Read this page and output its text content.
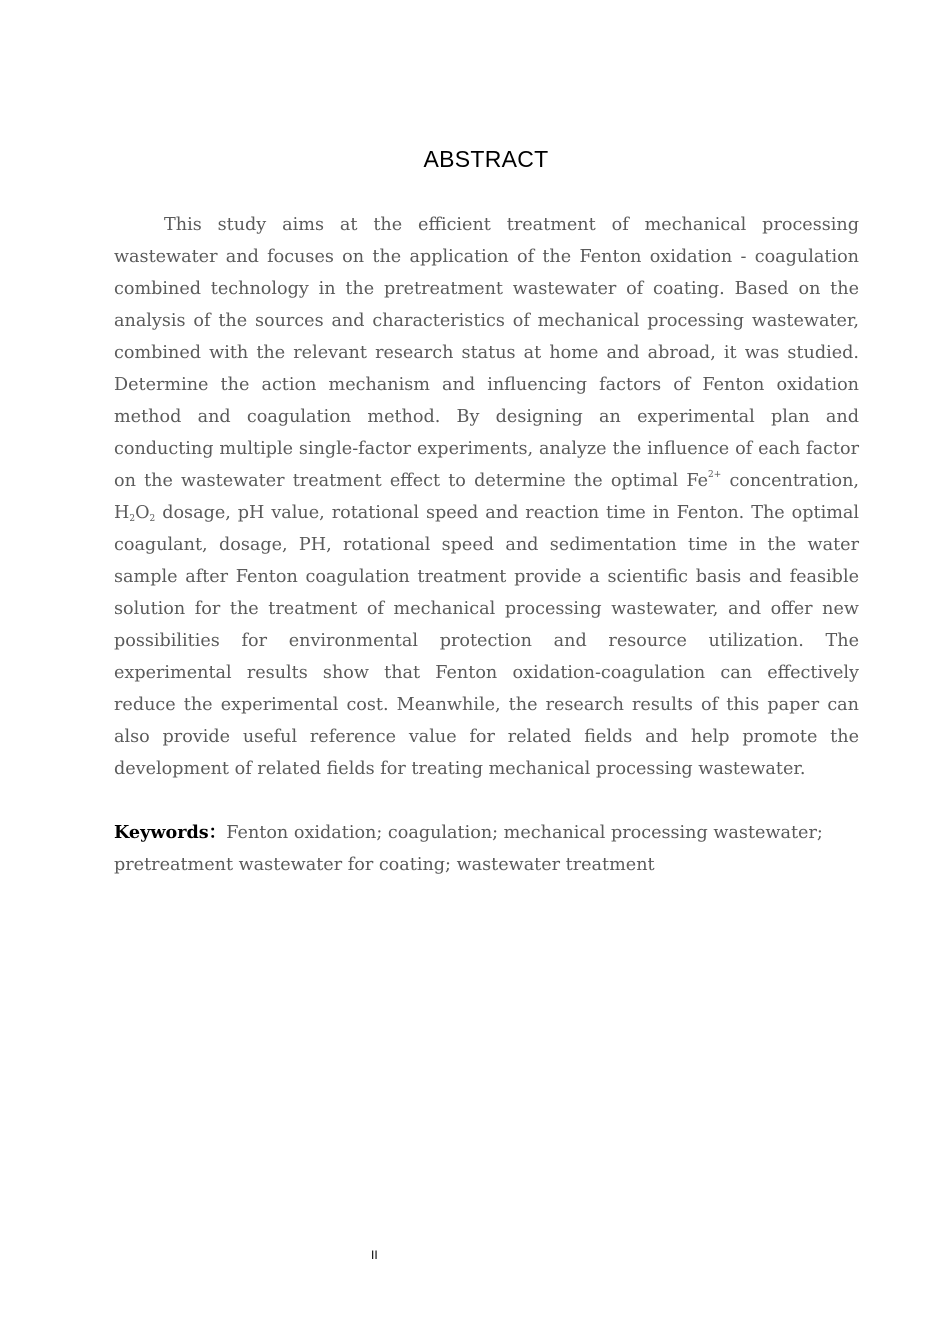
ABSTRACT

This study aims at the efficient treatment of mechanical processing wastewater and focuses on the application of the Fenton oxidation - coagulation combined technology in the pretreatment wastewater of coating. Based on the analysis of the sources and characteristics of mechanical processing wastewater, combined with the relevant research status at home and abroad, it was studied. Determine the action mechanism and influencing factors of Fenton oxidation method and coagulation method. By designing an experimental plan and conducting multiple single-factor experiments, analyze the influence of each factor on the wastewater treatment effect to determine the optimal $Fe^{2+}$ concentration, $H_2O_2$ dosage, pH value, rotational speed and reaction time in Fenton. The optimal coagulant, dosage, PH, rotational speed and sedimentation time in the water sample after Fenton coagulation treatment provide a scientific basis and feasible solution for the treatment of mechanical processing wastewater, and offer new possibilities for environmental protection and resource utilization. The experimental results show that Fenton oxidation-coagulation can effectively reduce the experimental cost. Meanwhile, the research results of this paper can also provide useful reference value for related fields and help promote the development of related fields for treating mechanical processing wastewater.

Keywords：Fenton oxidation; coagulation; mechanical processing wastewater;
pretreatment wastewater for coating; wastewater treatment
II
